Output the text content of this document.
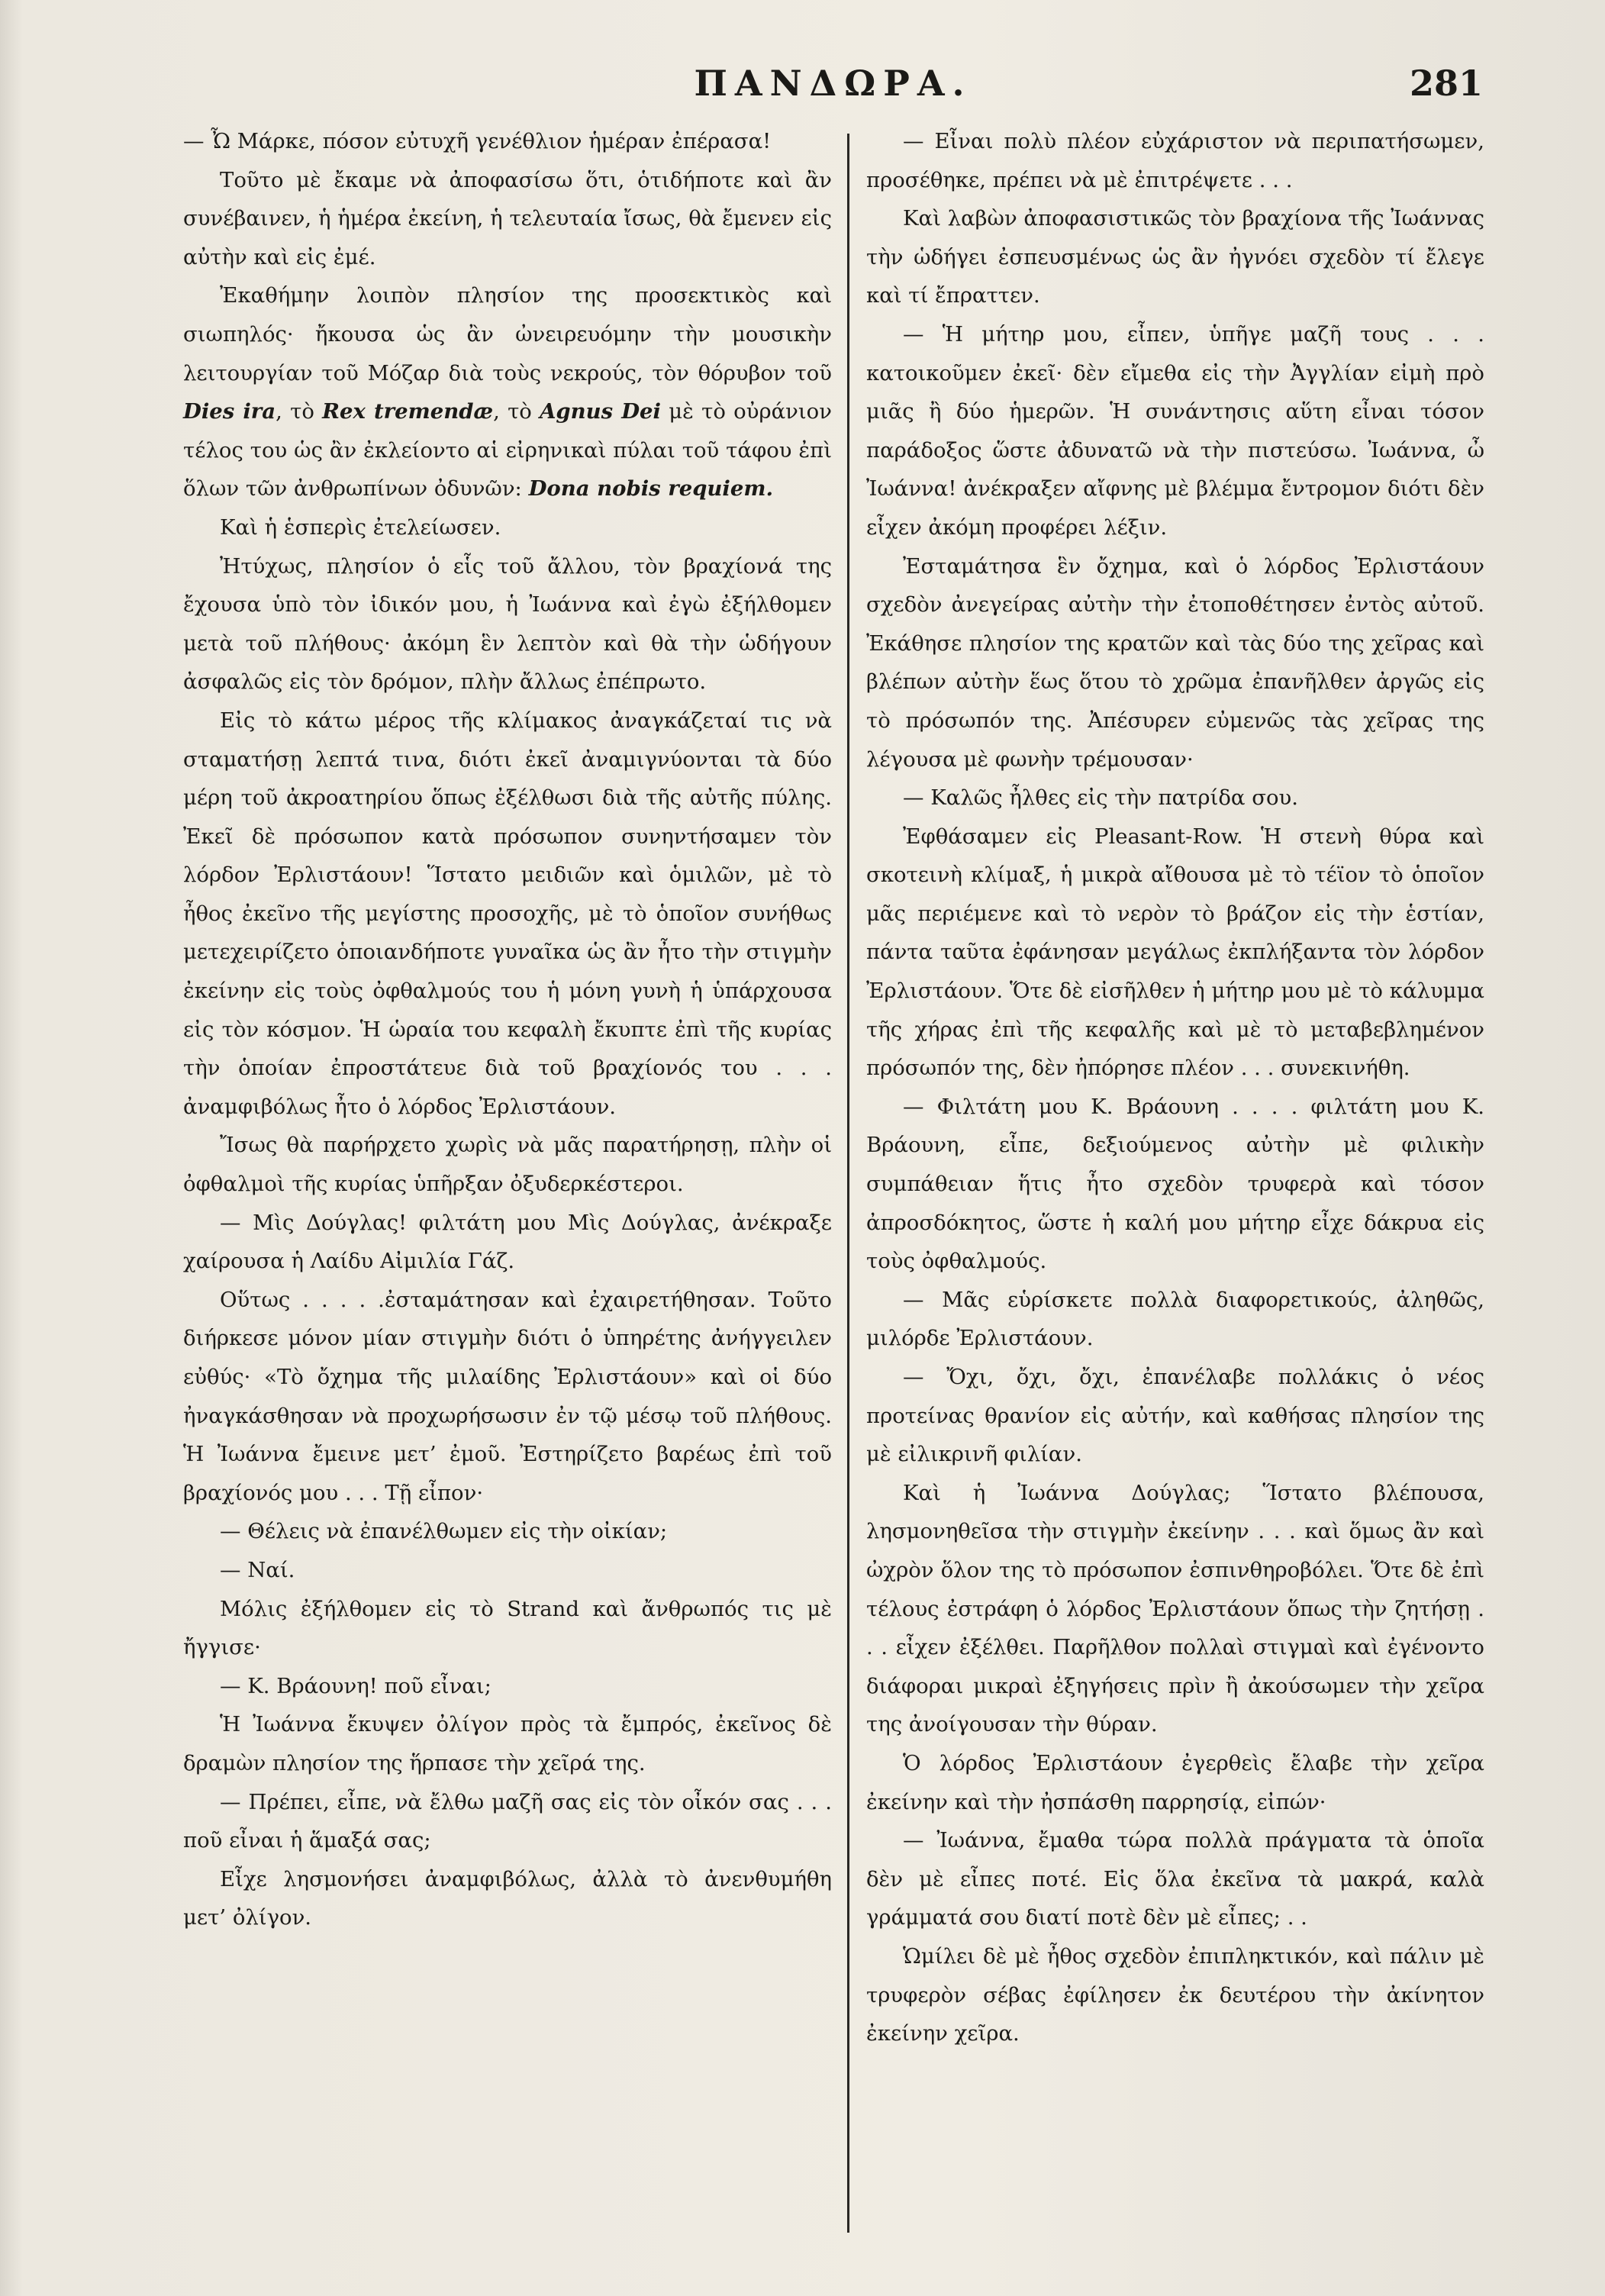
ΠΑΝΔΩΡΑ.	281

— Ὦ Μάρκε, πόσον εὐτυχῆ γενέθλιον ἡμέραν ἐπέρασα!

Τοῦτο μὲ ἔκαμε νὰ ἀποφασίσω ὅτι, ὁτιδήποτε καὶ ἂν συνέβαινεν, ἡ ἡμέρα ἐκείνη, ἡ τελευταία ἴσως, θὰ ἔμενεν εἰς αὐτὴν καὶ εἰς ἐμέ.

Ἐκαθήμην λοιπὸν πλησίον της προσεκτικὸς καὶ σιωπηλός· ἤκουσα ὡς ἂν ὠνειρευόμην τὴν μουσικὴν λειτουργίαν τοῦ Μόζαρ διὰ τοὺς νεκρούς, τὸν θόρυβον τοῦ Dies ira, τὸ Rex tremendæ, τὸ Agnus Dei μὲ τὸ οὐράνιον τέλος του ὡς ἂν ἐκλείοντο αἱ εἰρηνικαὶ πύλαι τοῦ τάφου ἐπὶ ὅλων τῶν ἀνθρωπίνων ὀδυνῶν: Dona nobis requiem.

Καὶ ἡ ἑσπερὶς ἐτελείωσεν.

Ἠτύχως, πλησίον ὁ εἷς τοῦ ἄλλου, τὸν βραχίονά της ἔχουσα ὑπὸ τὸν ἰδικόν μου, ἡ Ἰωάννα καὶ ἐγὼ ἐξήλθομεν μετὰ τοῦ πλήθους· ἀκόμη ἓν λεπτὸν καὶ θὰ τὴν ὡδήγουν ἀσφαλῶς εἰς τὸν δρόμον, πλὴν ἄλλως ἐπέπρωτο.

Εἰς τὸ κάτω μέρος τῆς κλίμακος ἀναγκάζεταί τις νὰ σταματήσῃ λεπτά τινα, διότι ἐκεῖ ἀναμιγνύονται τὰ δύο μέρη τοῦ ἀκροατηρίου ὅπως ἐξέλθωσι διὰ τῆς αὐτῆς πύλης. Ἐκεῖ δὲ πρόσωπον κατὰ πρόσωπον συνηντήσαμεν τὸν λόρδον Ἐρλιστάουν! Ἵστατο μειδιῶν καὶ ὁμιλῶν, μὲ τὸ ἦθος ἐκεῖνο τῆς μεγίστης προσοχῆς, μὲ τὸ ὁποῖον συνήθως μετεχειρίζετο ὁποιανδήποτε γυναῖκα ὡς ἂν ἦτο τὴν στιγμὴν ἐκείνην εἰς τοὺς ὀφθαλμούς του ἡ μόνη γυνὴ ἡ ὑπάρχουσα εἰς τὸν κόσμον. Ἡ ὡραία του κεφαλὴ ἔκυπτε ἐπὶ τῆς κυρίας τὴν ὁποίαν ἐπροστάτευε διὰ τοῦ βραχίονός του . . . ἀναμφιβόλως ἦτο ὁ λόρδος Ἐρλιστάουν.

Ἴσως θὰ παρήρχετο χωρὶς νὰ μᾶς παρατήρησῃ, πλὴν οἱ ὀφθαλμοὶ τῆς κυρίας ὑπῆρξαν ὀξυδερκέστεροι.

— Μὶς Δούγλας! φιλτάτη μου Μὶς Δούγλας, ἀνέκραξε χαίρουσα ἡ Λαίδυ Αἰμιλία Γάζ.

Οὕτως . . . . .ἐσταμάτησαν καὶ ἐχαιρετήθησαν. Τοῦτο διήρκεσε μόνον μίαν στιγμὴν διότι ὁ ὑπηρέτης ἀνήγγειλεν εὐθύς· «Τὸ ὄχημα τῆς μιλαίδης Ἐρλιστάουν» καὶ οἱ δύο ἠναγκάσθησαν νὰ προχωρήσωσιν ἐν τῷ μέσῳ τοῦ πλήθους. Ἡ Ἰωάννα ἔμεινε μετ’ ἐμοῦ. Ἐστηρίζετο βαρέως ἐπὶ τοῦ βραχίονός μου . . . Τῇ εἶπον·

— Θέλεις νὰ ἐπανέλθωμεν εἰς τὴν οἰκίαν;

— Ναί.

Μόλις ἐξήλθομεν εἰς τὸ Strand καὶ ἄνθρωπός τις μὲ ἤγγισε·

— Κ. Βράουνη! ποῦ εἶναι;

Ἡ Ἰωάννα ἔκυψεν ὀλίγον πρὸς τὰ ἔμπρός, ἐκεῖνος δὲ δραμὼν πλησίον της ἥρπασε τὴν χεῖρά της.

— Πρέπει, εἶπε, νὰ ἔλθω μαζῆ σας εἰς τὸν οἶκόν σας . . . ποῦ εἶναι ἡ ἅμαξά σας;

Εἶχε λησμονήσει ἀναμφιβόλως, ἀλλὰ τὸ ἀνενθυμήθη μετ’ ὀλίγον.

— Εἶναι πολὺ πλέον εὐχάριστον νὰ περιπατήσωμεν, προσέθηκε, πρέπει νὰ μὲ ἐπιτρέψετε . . .

Καὶ λαβὼν ἀποφασιστικῶς τὸν βραχίονα τῆς Ἰωάννας τὴν ὡδήγει ἐσπευσμένως ὡς ἂν ἠγνόει σχεδὸν τί ἔλεγε καὶ τί ἔπραττεν.

— Ἡ μήτηρ μου, εἶπεν, ὑπῆγε μαζῆ τους . . . κατοικοῦμεν ἐκεῖ· δὲν εἴμεθα εἰς τὴν Ἀγγλίαν εἰμὴ πρὸ μιᾶς ἢ δύο ἡμερῶν. Ἡ συνάντησις αὕτη εἶναι τόσον παράδοξος ὥστε ἀδυνατῶ νὰ τὴν πιστεύσω. Ἰωάννα, ὦ Ἰωάννα! ἀνέκραξεν αἴφνης μὲ βλέμμα ἔντρομον διότι δὲν εἶχεν ἀκόμη προφέρει λέξιν.

Ἐσταμάτησα ἓν ὄχημα, καὶ ὁ λόρδος Ἐρλιστάουν σχεδὸν ἀνεγείρας αὐτὴν τὴν ἐτοποθέτησεν ἐντὸς αὐτοῦ. Ἐκάθησε πλησίον της κρατῶν καὶ τὰς δύο της χεῖρας καὶ βλέπων αὐτὴν ἕως ὅτου τὸ χρῶμα ἐπανῆλθεν ἀργῶς εἰς τὸ πρόσωπόν της. Ἀπέσυρεν εὐμενῶς τὰς χεῖρας της λέγουσα μὲ φωνὴν τρέμουσαν·

— Καλῶς ἦλθες εἰς τὴν πατρίδα σου.

Ἐφθάσαμεν εἰς Pleasant-Row. Ἡ στενὴ θύρα καὶ σκοτεινὴ κλίμαξ, ἡ μικρὰ αἴθουσα μὲ τὸ τέϊον τὸ ὁποῖον μᾶς περιέμενε καὶ τὸ νερὸν τὸ βράζον εἰς τὴν ἑστίαν, πάντα ταῦτα ἐφάνησαν μεγάλως ἐκπλήξαντα τὸν λόρδον Ἐρλιστάουν. Ὅτε δὲ εἰσῆλθεν ἡ μήτηρ μου μὲ τὸ κάλυμμα τῆς χήρας ἐπὶ τῆς κεφαλῆς καὶ μὲ τὸ μεταβεβλημένον πρόσωπόν της, δὲν ἠπόρησε πλέον . . . συνεκινήθη.

— Φιλτάτη μου Κ. Βράουνη . . . . φιλτάτη μου Κ. Βράουνη, εἶπε, δεξιούμενος αὐτὴν μὲ φιλικὴν συμπάθειαν ἥτις ἦτο σχεδὸν τρυφερὰ καὶ τόσον ἀπροσδόκητος, ὥστε ἡ καλή μου μήτηρ εἶχε δάκρυα εἰς τοὺς ὀφθαλμούς.

— Μᾶς εὑρίσκετε πολλὰ διαφορετικούς, ἀληθῶς, μιλόρδε Ἐρλιστάουν.

— Ὄχι, ὄχι, ὄχι, ἐπανέλαβε πολλάκις ὁ νέος προτείνας θρανίον εἰς αὐτήν, καὶ καθήσας πλησίον της μὲ εἰλικρινῆ φιλίαν.

Καὶ ἡ Ἰωάννα Δούγλας; Ἵστατο βλέπουσα, λησμονηθεῖσα τὴν στιγμὴν ἐκείνην . . . καὶ ὅμως ἂν καὶ ὠχρὸν ὅλον της τὸ πρόσωπον ἐσπινθηροβόλει. Ὅτε δὲ ἐπὶ τέλους ἐστράφη ὁ λόρδος Ἐρλιστάουν ὅπως τὴν ζητήσῃ . . . εἶχεν ἐξέλθει. Παρῆλθον πολλαὶ στιγμαὶ καὶ ἐγένοντο διάφοραι μικραὶ ἐξηγήσεις πρὶν ἢ ἀκούσωμεν τὴν χεῖρα της ἀνοίγουσαν τὴν θύραν.

Ὁ λόρδος Ἐρλιστάουν ἐγερθεὶς ἔλαβε τὴν χεῖρα ἐκείνην καὶ τὴν ἠσπάσθη παρρησίᾳ, εἰπών·

— Ἰωάννα, ἔμαθα τώρα πολλὰ πράγματα τὰ ὁποῖα δὲν μὲ εἶπες ποτέ. Εἰς ὅλα ἐκεῖνα τὰ μακρά, καλὰ γράμματά σου διατί ποτὲ δὲν μὲ εἶπες; . .

Ὡμίλει δὲ μὲ ἦθος σχεδὸν ἐπιπληκτικόν, καὶ πάλιν μὲ τρυφερὸν σέβας ἐφίλησεν ἐκ δευτέρου τὴν ἀκίνητον ἐκείνην χεῖρα.
